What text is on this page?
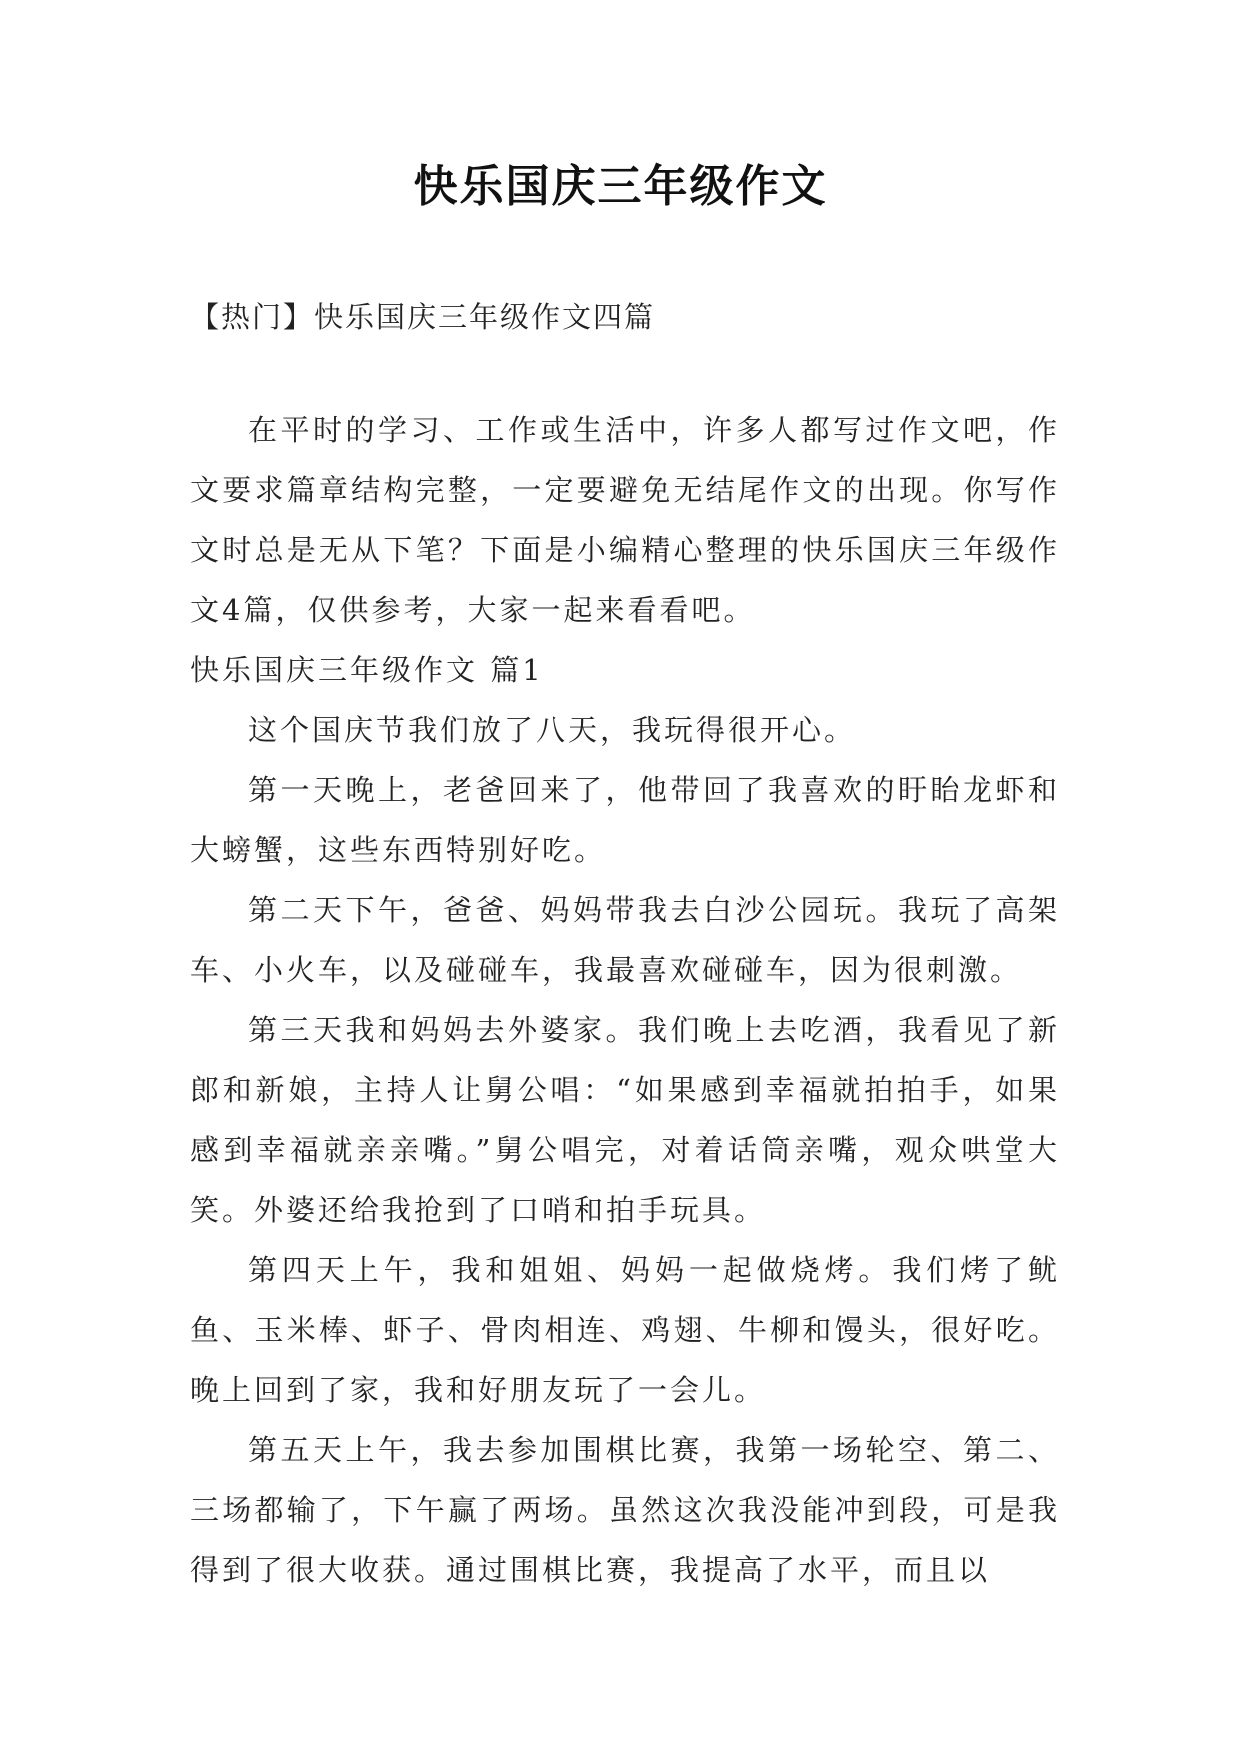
快乐国庆三年级作文
【热门】快乐国庆三年级作文四篇

在平时的学习、工作或生活中，许多人都写过作文吧，作文要求篇章结构完整，一定要避免无结尾作文的出现。你写作文时总是无从下笔？下面是小编精心整理的快乐国庆三年级作文4篇，仅供参考，大家一起来看看吧。

快乐国庆三年级作文 篇1

这个国庆节我们放了八天，我玩得很开心。

第一天晚上，老爸回来了，他带回了我喜欢的盱眙龙虾和大螃蟹，这些东西特别好吃。

第二天下午，爸爸、妈妈带我去白沙公园玩。我玩了高架车、小火车，以及碰碰车，我最喜欢碰碰车，因为很刺激。

第三天我和妈妈去外婆家。我们晚上去吃酒，我看见了新郎和新娘，主持人让舅公唱：“如果感到幸福就拍拍手，如果感到幸福就亲亲嘴。”舅公唱完，对着话筒亲嘴，观众哄堂大笑。外婆还给我抢到了口哨和拍手玩具。

第四天上午，我和姐姐、妈妈一起做烧烤。我们烤了鱿鱼、玉米棒、虾子、骨肉相连、鸡翅、牛柳和馒头，很好吃。晚上回到了家，我和好朋友玩了一会儿。

第五天上午，我去参加围棋比赛，我第一场轮空、第二、三场都输了，下午赢了两场。虽然这次我没能冲到段，可是我得到了很大收获。通过围棋比赛，我提高了水平，而且以
